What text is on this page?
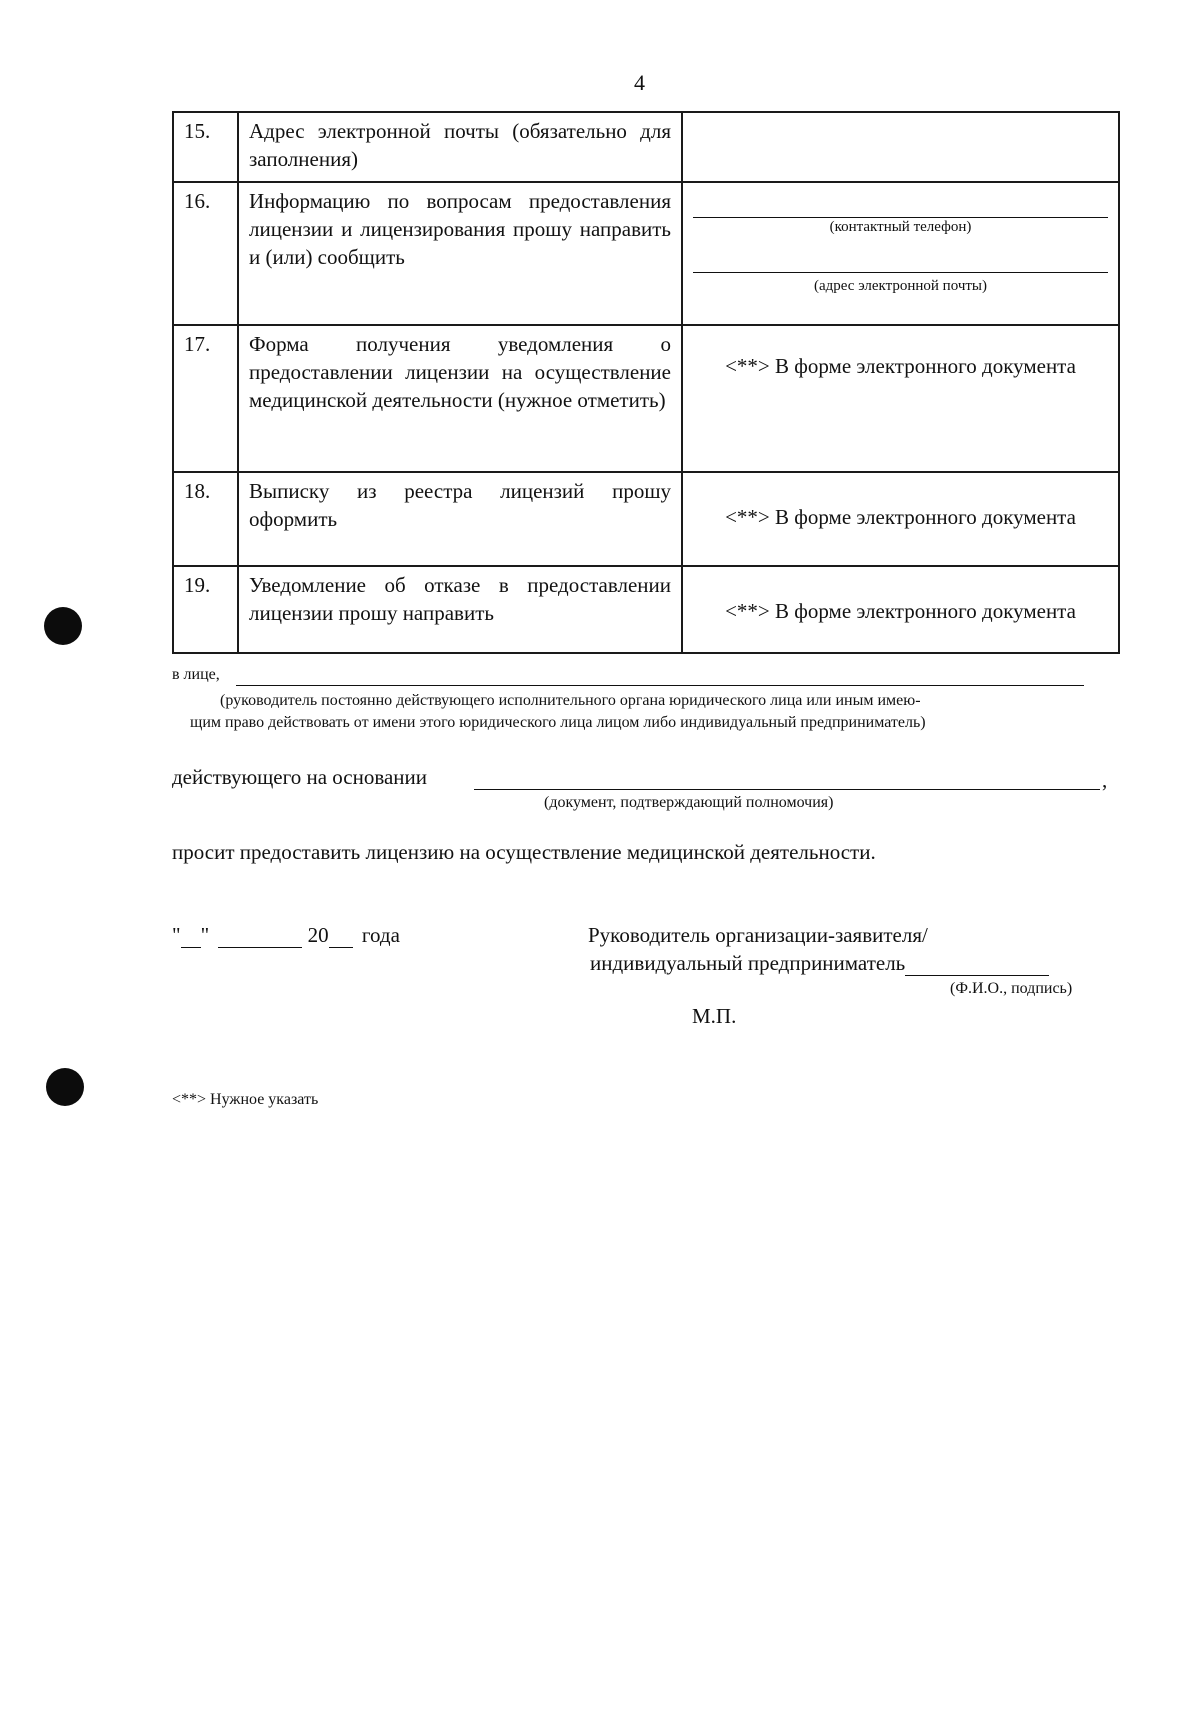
4
15.	Адрес электронной почты (обязательно для заполнения)	
16.	Информацию по вопросам предоставления лицензии и лицензирования прошу направить и (или) сообщить	(контактный телефон)
(адрес электронной почты)

17.	Форма получения уведомления о предоставлении лицензии на осуществление медицинской деятельности (нужное отметить)	<**> В форме электронного документа

18.	Выписку из реестра лицензий прошу оформить	<**> В форме электронного документа

19.	Уведомление об отказе в предоставлении лицензии прошу направить	<**> В форме электронного документа
в лице,
(руководитель постоянно действующего исполнительного органа юридического лица или иным имею-
щим право действовать от имени этого юридического лица лицом либо индивидуальный предприниматель)
действующего на основании	,
(документ, подтверждающий полномочия)
просит предоставить лицензию на осуществление медицинской деятельности.
" "	20 года	Руководитель организации-заявителя/
индивидуальный предприниматель
(Ф.И.О., подпись)
М.П.
<**> Нужное указать
